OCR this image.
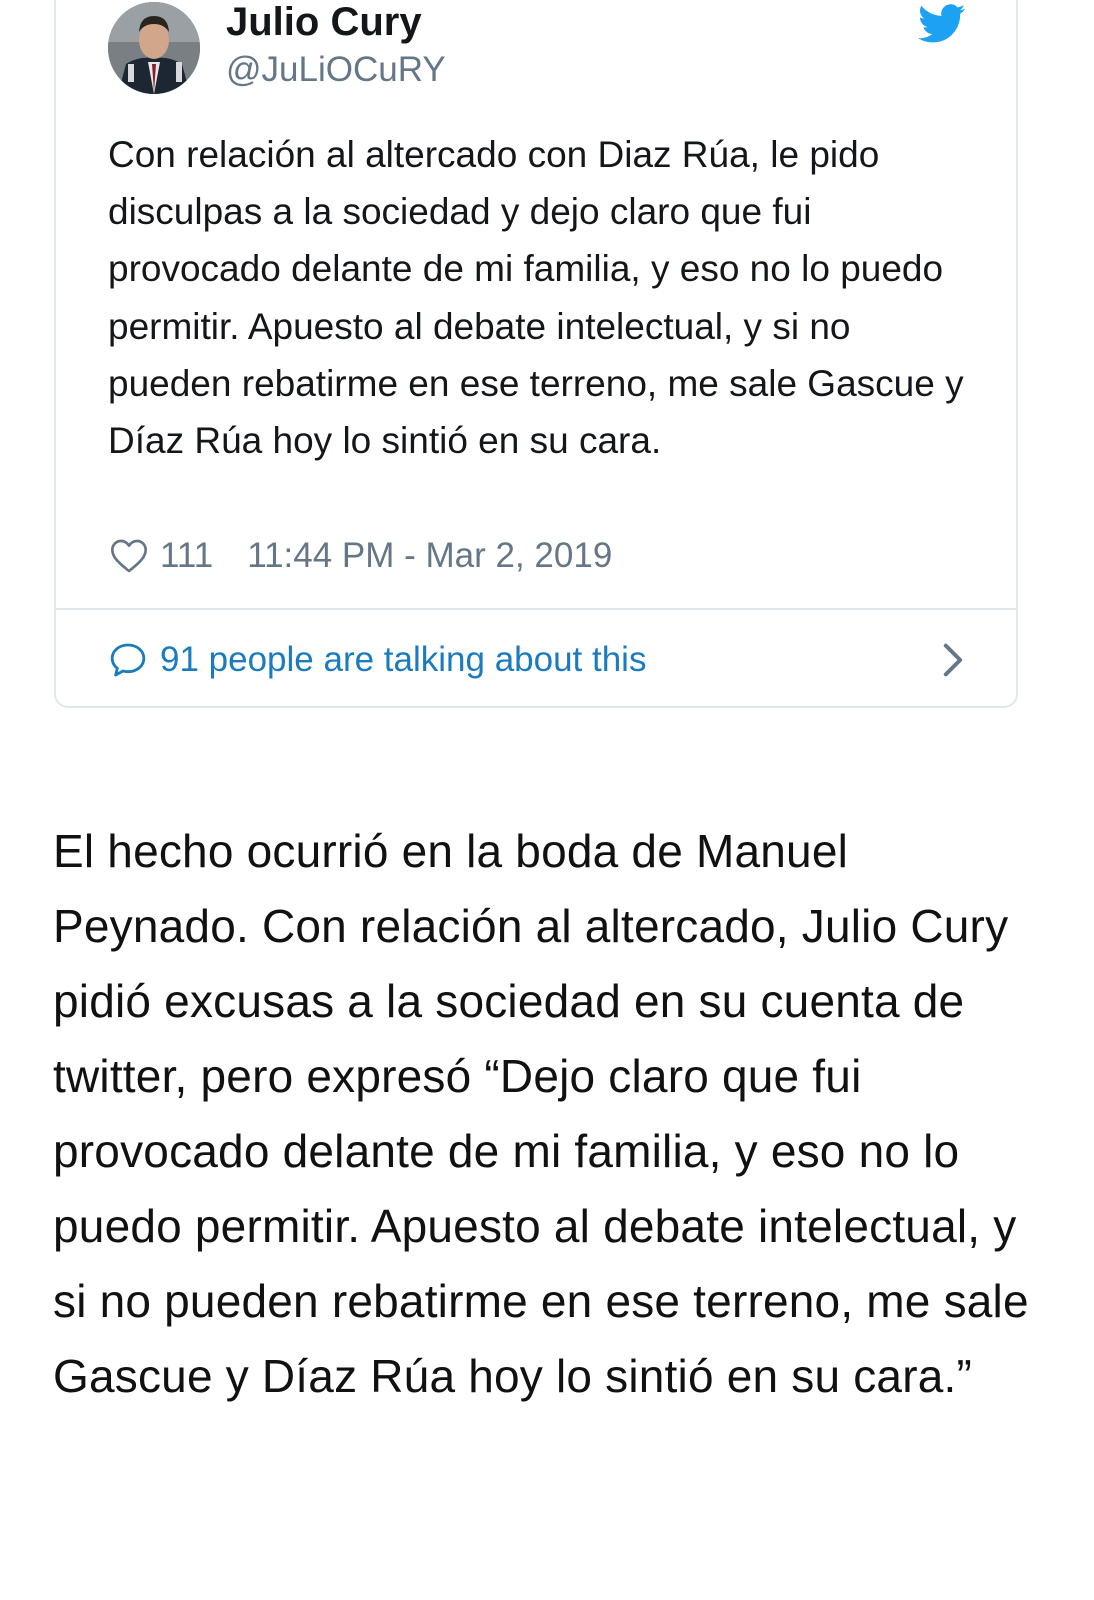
Julio Cury
@JuLiOCuRY

Con relación al altercado con Diaz Rúa, le pido disculpas a la sociedad y dejo claro que fui provocado delante de mi familia, y eso no lo puedo permitir. Apuesto al debate intelectual, y si no pueden rebatirme en ese terreno, me sale Gascue y Díaz Rúa hoy lo sintió en su cara.

111 11:44 PM - Mar 2, 2019
91 people are talking about this

El hecho ocurrió en la boda de Manuel Peynado. Con relación al altercado, Julio Cury pidió excusas a la sociedad en su cuenta de twitter, pero expresó “Dejo claro que fui provocado delante de mi familia, y eso no lo puedo permitir. Apuesto al debate intelectual, y si no pueden rebatirme en ese terreno, me sale Gascue y Díaz Rúa hoy lo sintió en su cara.”
